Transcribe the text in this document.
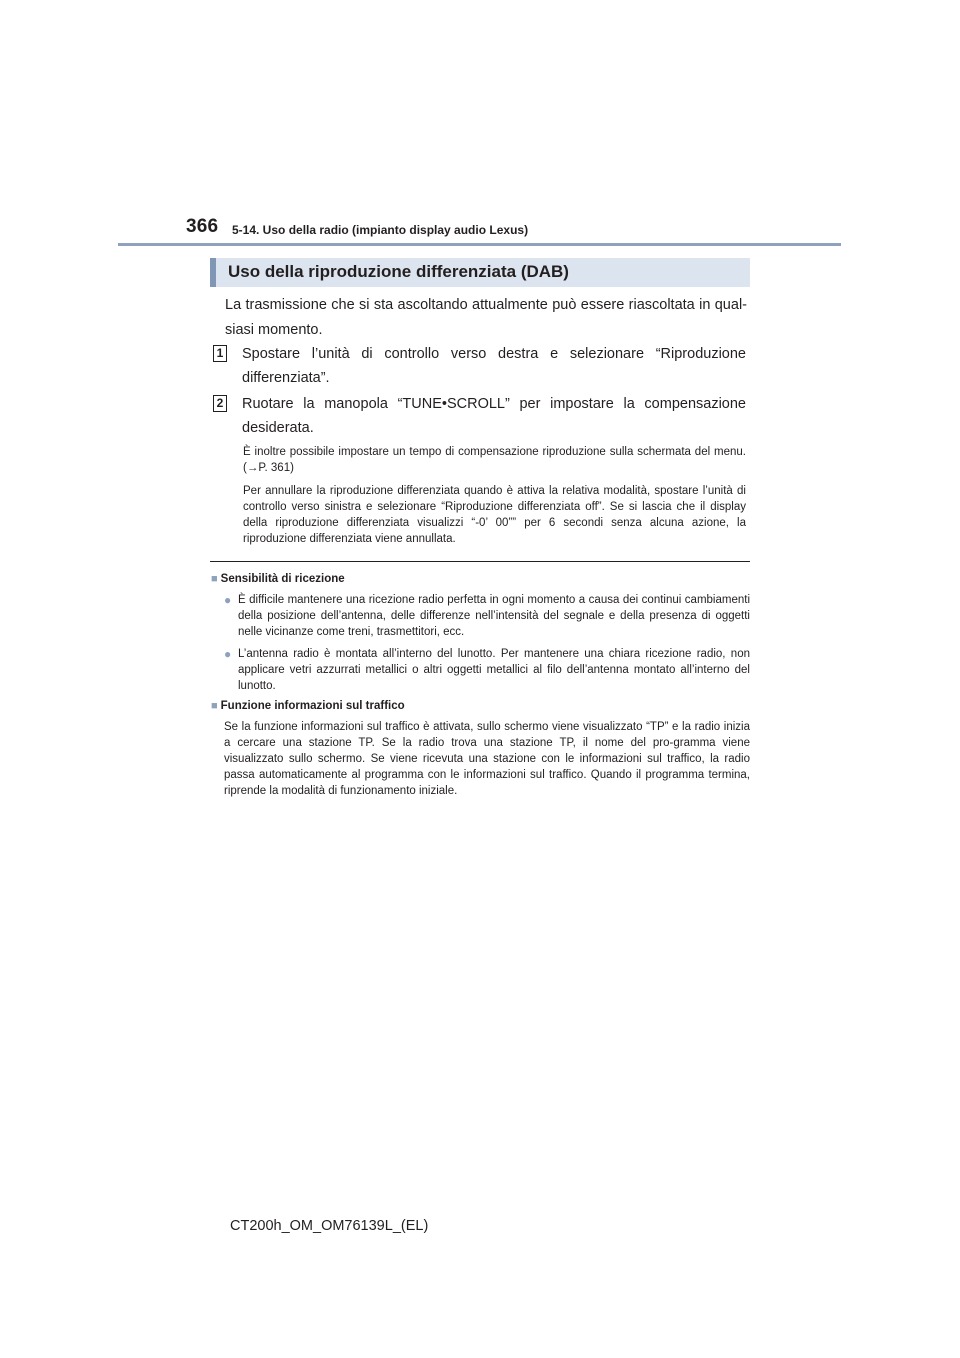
366 5-14. Uso della radio (impianto display audio Lexus)
Uso della riproduzione differenziata (DAB)
La trasmissione che si sta ascoltando attualmente può essere riascoltata in qual-siasi momento.
1 Spostare l’unità di controllo verso destra e selezionare “Riproduzione differenziata”.
2 Ruotare la manopola “TUNE•SCROLL” per impostare la compensazione desiderata.
È inoltre possibile impostare un tempo di compensazione riproduzione sulla schermata del menu. (→P. 361)
Per annullare la riproduzione differenziata quando è attiva la relativa modalità, spostare l’unità di controllo verso sinistra e selezionare “Riproduzione differenziata off”. Se si lascia che il display della riproduzione differenziata visualizzi “-0’ 00”” per 6 secondi senza alcuna azione, la riproduzione differenziata viene annullata.
■ Sensibilità di ricezione
● È difficile mantenere una ricezione radio perfetta in ogni momento a causa dei continui cambiamenti della posizione dell’antenna, delle differenze nell’intensità del segnale e della presenza di oggetti nelle vicinanze come treni, trasmettitori, ecc.
● L’antenna radio è montata all’interno del lunotto. Per mantenere una chiara ricezione radio, non applicare vetri azzurrati metallici o altri oggetti metallici al filo dell’antenna montato all’interno del lunotto.
■ Funzione informazioni sul traffico
Se la funzione informazioni sul traffico è attivata, sullo schermo viene visualizzato “TP” e la radio inizia a cercare una stazione TP. Se la radio trova una stazione TP, il nome del pro-gramma viene visualizzato sullo schermo. Se viene ricevuta una stazione con le informazioni sul traffico, la radio passa automaticamente al programma con le informazioni sul traffico. Quando il programma termina, riprende la modalità di funzionamento iniziale.
CT200h_OM_OM76139L_(EL)
